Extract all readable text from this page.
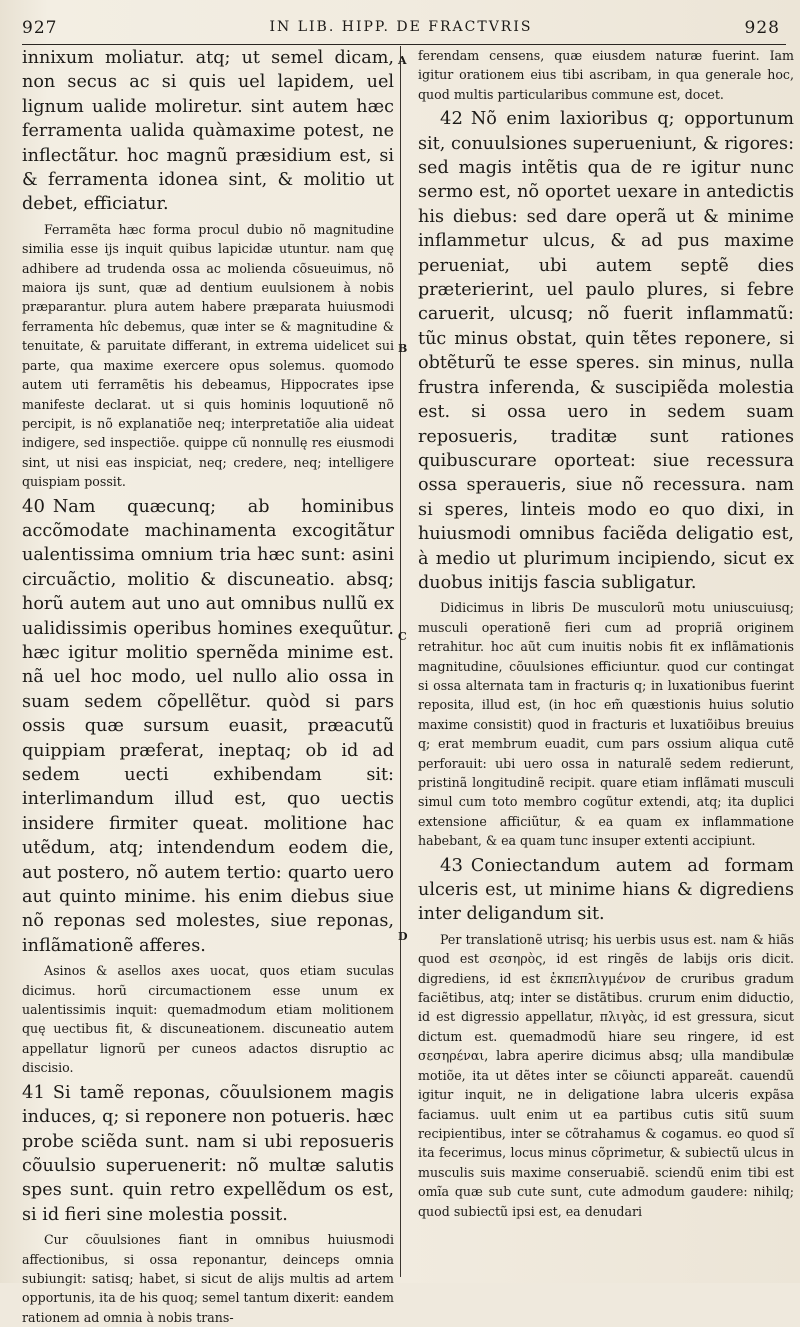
927	IN LIB. HIPP. DE FRACTVRIS	928
A
B
C
D

innixum moliatur. atq; ut semel dicam, non secus ac si quis uel lapidem, uel lignum ualide moliretur. sint autem hæc ferramenta ualida quàmaxime potest, ne inflectãtur. hoc magnũ præsidium est, si & ferramenta idonea sint, & molitio ut debet, efficiatur.

Ferramẽta hæc forma procul dubio nõ magnitudine similia esse ijs inquit quibus lapicidæ utuntur. nam quę adhibere ad trudenda ossa ac molienda cõsueuimus, nõ maiora ijs sunt, quæ ad dentium euulsionem à nobis præparantur. plura autem habere præparata huiusmodi ferramenta hîc debemus, quæ inter se & magnitudine & tenuitate, & paruitate differant, in extrema uidelicet sui parte, qua maxime exercere opus solemus. quomodo autem uti ferramẽtis his debeamus, Hippocrates ipse manifeste declarat. ut si quis hominis loquutionẽ nõ percipit, is nõ explanatiõe neq; interpretatiõe alia uideat indigere, sed inspectiõe. quippe cũ nonnullę res eiusmodi sint, ut nisi eas inspiciat, neq; credere, neq; intelligere quispiam possit.

40 Nam quæcunq; ab hominibus accõmodate machinamenta excogitãtur ualentissima omnium tria hæc sunt: asini circuãctio, molitio & discuneatio. absq; horũ autem aut uno aut omnibus nullũ ex ualidissimis operibus homines exequũtur. hæc igitur molitio spernẽda minime est. nã uel hoc modo, uel nullo alio ossa in suam sedem cõpellẽtur. quòd si pars ossis quæ sursum euasit, præacutũ quippiam præferat, ineptaq; ob id ad sedem uecti exhibendam sit: interlimandum illud est, quo uectis insidere firmiter queat. molitione hac utẽdum, atq; intendendum eodem die, aut postero, nõ autem tertio: quarto uero aut quinto minime. his enim diebus siue nõ reponas sed molestes, siue reponas, inflãmationẽ afferes.

Asinos & asellos axes uocat, quos etiam suculas dicimus. horũ circumactionem esse unum ex ualentissimis inquit: quemadmodum etiam molitionem quę uectibus fit, & discuneationem. discuneatio autem appellatur lignorũ per cuneos adactos disruptio ac discisio.

41 Si tamẽ reponas, cõuulsionem magis induces, q; si reponere non potueris. hæc probe sciẽda sunt. nam si ubi reposueris cõuulsio superuenerit: nõ multæ salutis spes sunt. quin retro expellẽdum os est, si id fieri sine molestia possit.

Cur cõuulsiones fiant in omnibus huiusmodi affectionibus, si ossa reponantur, deinceps omnia subiungit: satisq; habet, si sicut de alijs multis ad artem opportunis, ita de his quoq; semel tantum dixerit: eandem rationem ad omnia à nobis trans-

ferendam censens, quæ eiusdem naturæ fuerint. Iam igitur orationem eius tibi ascribam, in qua generale hoc, quod multis particularibus commune est, docet.

42 Nõ enim laxioribus q; opportunum sit, conuulsiones superueniunt, & rigores: sed magis intẽtis qua de re igitur nunc sermo est, nõ oportet uexare in antedictis his diebus: sed dare operã ut & minime inflammetur ulcus, & ad pus maxime perueniat, ubi autem septẽ dies præterierint, uel paulo plures, si febre caruerit, ulcusq; nõ fuerit inflammatũ: tũc minus obstat, quin tẽtes reponere, si obtẽturũ te esse speres. sin minus, nulla frustra inferenda, & suscipiẽda molestia est. si ossa uero in sedem suam reposueris, traditæ sunt rationes quibuscurare oporteat: siue recessura ossa speraueris, siue nõ recessura. nam si speres, linteis modo eo quo dixi, in huiusmodi omnibus faciẽda deligatio est, à medio ut plurimum incipiendo, sicut ex duobus initijs fascia subligatur.

Didicimus in libris De musculorũ motu uniuscuiusq; musculi operationẽ fieri cum ad propriã originem retrahitur. hoc aũt cum inuitis nobis fit ex inflãmationis magnitudine, cõuulsiones efficiuntur. quod cur contingat si ossa alternata tam in fracturis q; in luxationibus fuerint reposita, illud est, (in hoc em̃ quæstionis huius solutio maxime consistit) quod in fracturis et luxatiõibus breuius q; erat membrum euadit, cum pars ossium aliqua cutẽ perforauit: ubi uero ossa in naturalẽ sedem redierunt, pristinã longitudinẽ recipit. quare etiam inflãmati musculi simul cum toto membro cogũtur extendi, atq; ita duplici extensione afficiũtur, & ea quam ex inflammatione habebant, & ea quam tunc insuper extenti accipiunt.

43 Coniectandum autem ad formam ulceris est, ut minime hians & digrediens inter deligandum sit.

Per translationẽ utrisq; his uerbis usus est. nam & hiãs quod est σεσηρὸς, id est ringẽs de labijs oris dicit. digrediens, id est ἐκπεπλιγμένον de cruribus gradum faciẽtibus, atq; inter se distãtibus. crurum enim diductio, id est digressio appellatur, πλιγὰς, id est gressura, sicut dictum est. quemadmodũ hiare seu ringere, id est σεσηρέναι, labra aperire dicimus absq; ulla mandibulæ motiõe, ita ut dẽtes inter se cõiuncti appareãt. cauendũ igitur inquit, ne in deligatione labra ulceris expãsa faciamus. uult enim ut ea partibus cutis sitũ suum recipientibus, inter se cõtrahamus & cogamus. eo quod sĩ ita fecerimus, locus minus cõprimetur, & subiectũ ulcus in musculis suis maxime conseruabiẽ. sciendũ enim tibi est omĩa quæ sub cute sunt, cute admodum gaudere: nihilq; quod subiectũ ipsi est, ea denudari
